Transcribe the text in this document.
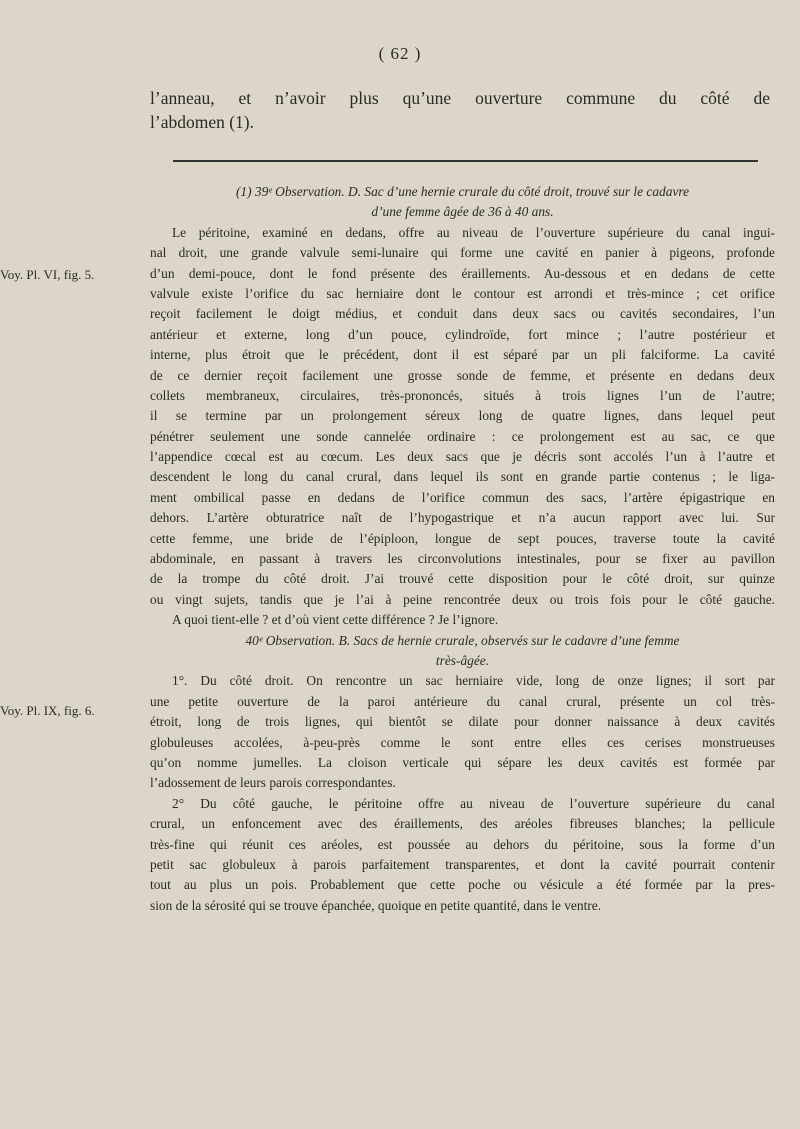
( 62 )
l’anneau, et n’avoir plus qu’une ouverture commune du côté de
l’abdomen (1).
Voy. Pl. VI, fig. 5.
Voy. Pl. IX, fig. 6.
(1) 39ᵉ Observation. D. Sac d’une hernie crurale du côté droit, trouvé sur le cadavre
d’une femme âgée de 36 à 40 ans.
Le péritoine, examiné en dedans, offre au niveau de l’ouverture supérieure du canal ingui-
nal droit, une grande valvule semi-lunaire qui forme une cavité en panier à pigeons, profonde
d’un demi-pouce, dont le fond présente des éraillements. Au-dessous et en dedans de cette
valvule existe l’orifice du sac herniaire dont le contour est arrondi et très-mince ; cet orifice
reçoit facilement le doigt médius, et conduit dans deux sacs ou cavités secondaires, l’un
antérieur et externe, long d’un pouce, cylindroïde, fort mince ; l’autre postérieur et
interne, plus étroit que le précédent, dont il est séparé par un pli falciforme. La cavité
de ce dernier reçoit facilement une grosse sonde de femme, et présente en dedans deux
collets membraneux, circulaires, très-prononcés, situés à trois lignes l’un de l’autre;
il se termine par un prolongement séreux long de quatre lignes, dans lequel peut
pénétrer seulement une sonde cannelée ordinaire : ce prolongement est au sac, ce que
l’appendice cœcal est au cœcum. Les deux sacs que je décris sont accolés l’un à l’autre et
descendent le long du canal crural, dans lequel ils sont en grande partie contenus ; le liga-
ment ombilical passe en dedans de l’orifice commun des sacs, l’artère épigastrique en
dehors. L’artère obturatrice naît de l’hypogastrique et n’a aucun rapport avec lui. Sur
cette femme, une bride de l’épiploon, longue de sept pouces, traverse toute la cavité
abdominale, en passant à travers les circonvolutions intestinales, pour se fixer au pavillon
de la trompe du côté droit. J’ai trouvé cette disposition pour le côté droit, sur quinze
ou vingt sujets, tandis que je l’ai à peine rencontrée deux ou trois fois pour le côté gauche.
A quoi tient-elle ? et d’où vient cette différence ? Je l’ignore.
40ᵉ Observation. B. Sacs de hernie crurale, observés sur le cadavre d’une femme
très-âgée.
1°. Du côté droit. On rencontre un sac herniaire vide, long de onze lignes; il sort par
une petite ouverture de la paroi antérieure du canal crural, présente un col très-
étroit, long de trois lignes, qui bientôt se dilate pour donner naissance à deux cavités
globuleuses accolées, à-peu-près comme le sont entre elles ces cerises monstrueuses
qu’on nomme jumelles. La cloison verticale qui sépare les deux cavités est formée par
l’adossement de leurs parois correspondantes.
2° Du côté gauche, le péritoine offre au niveau de l’ouverture supérieure du canal
crural, un enfoncement avec des éraillements, des aréoles fibreuses blanches; la pellicule
très-fine qui réunit ces aréoles, est poussée au dehors du péritoine, sous la forme d’un
petit sac globuleux à parois parfaitement transparentes, et dont la cavité pourrait contenir
tout au plus un pois. Probablement que cette poche ou vésicule a été formée par la pres-
sion de la sérosité qui se trouve épanchée, quoique en petite quantité, dans le ventre.
